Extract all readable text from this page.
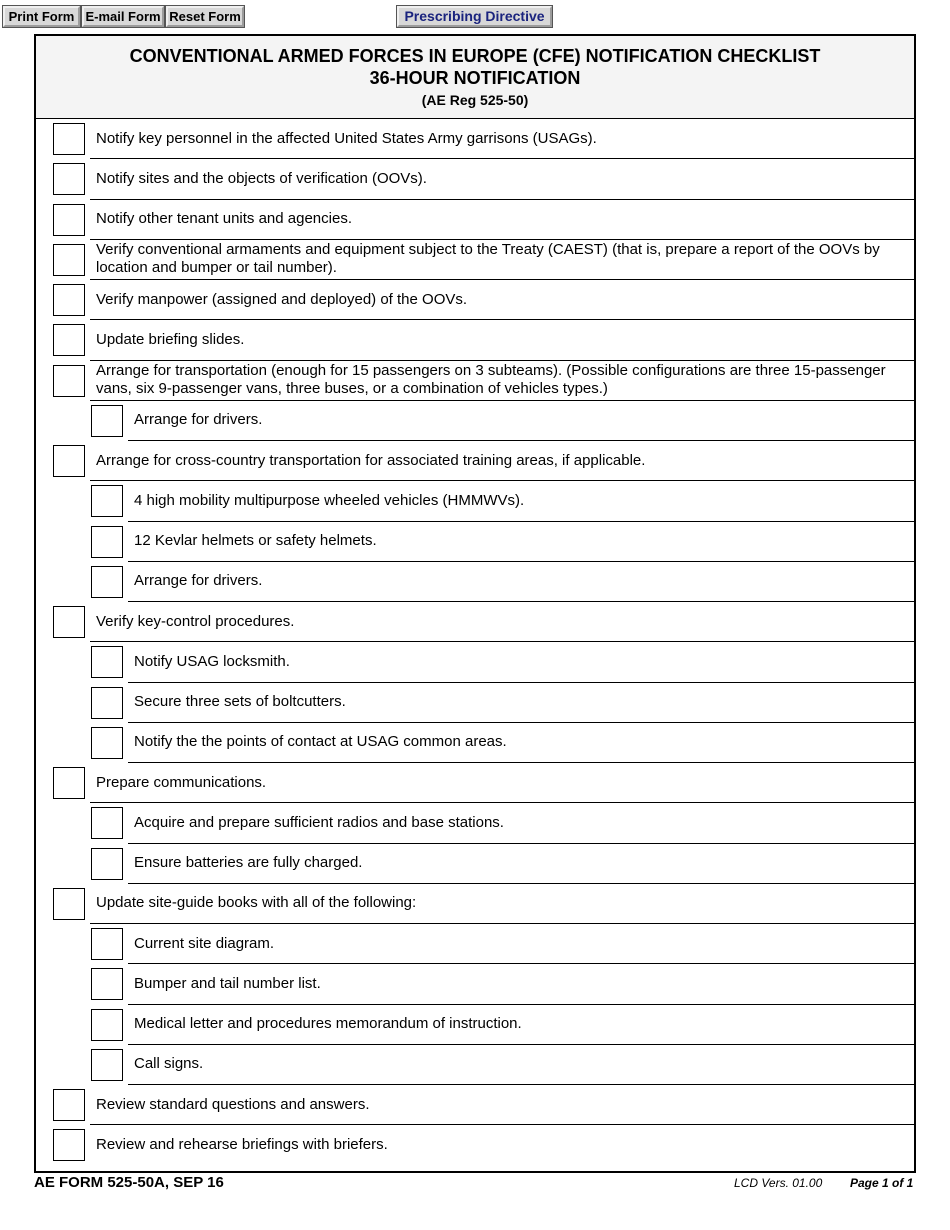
Print Form E-mail Form Reset Form	Prescribing Directive
CONVENTIONAL ARMED FORCES IN EUROPE (CFE) NOTIFICATION CHECKLIST
36-HOUR NOTIFICATION
(AE Reg 525-50)
Notify key personnel in the affected United States Army garrisons (USAGs).
Notify sites and the objects of verification (OOVs).
Notify other tenant units and agencies.
Verify conventional armaments and equipment subject to the Treaty (CAEST) (that is, prepare a report of the OOVs by location and bumper or tail number).
Verify manpower (assigned and deployed) of the OOVs.
Update briefing slides.
Arrange for transportation (enough for 15 passengers on 3 subteams). (Possible configurations are three 15-passenger vans, six 9-passenger vans, three buses, or a combination of vehicles types.)
Arrange for drivers.
Arrange for cross-country transportation for associated training areas, if applicable.
4 high mobility multipurpose wheeled vehicles (HMMWVs).
12 Kevlar helmets or safety helmets.
Arrange for drivers.
Verify key-control procedures.
Notify USAG locksmith.
Secure three sets of boltcutters.
Notify the the points of contact at USAG common areas.
Prepare communications.
Acquire and prepare sufficient radios and base stations.
Ensure batteries are fully charged.
Update site-guide books with all of the following:
Current site diagram.
Bumper and tail number list.
Medical letter and procedures memorandum of instruction.
Call signs.
Review standard questions and answers.
Review and rehearse briefings with briefers.
AE FORM 525-50A, SEP 16	LCD Vers. 01.00 Page 1 of 1
